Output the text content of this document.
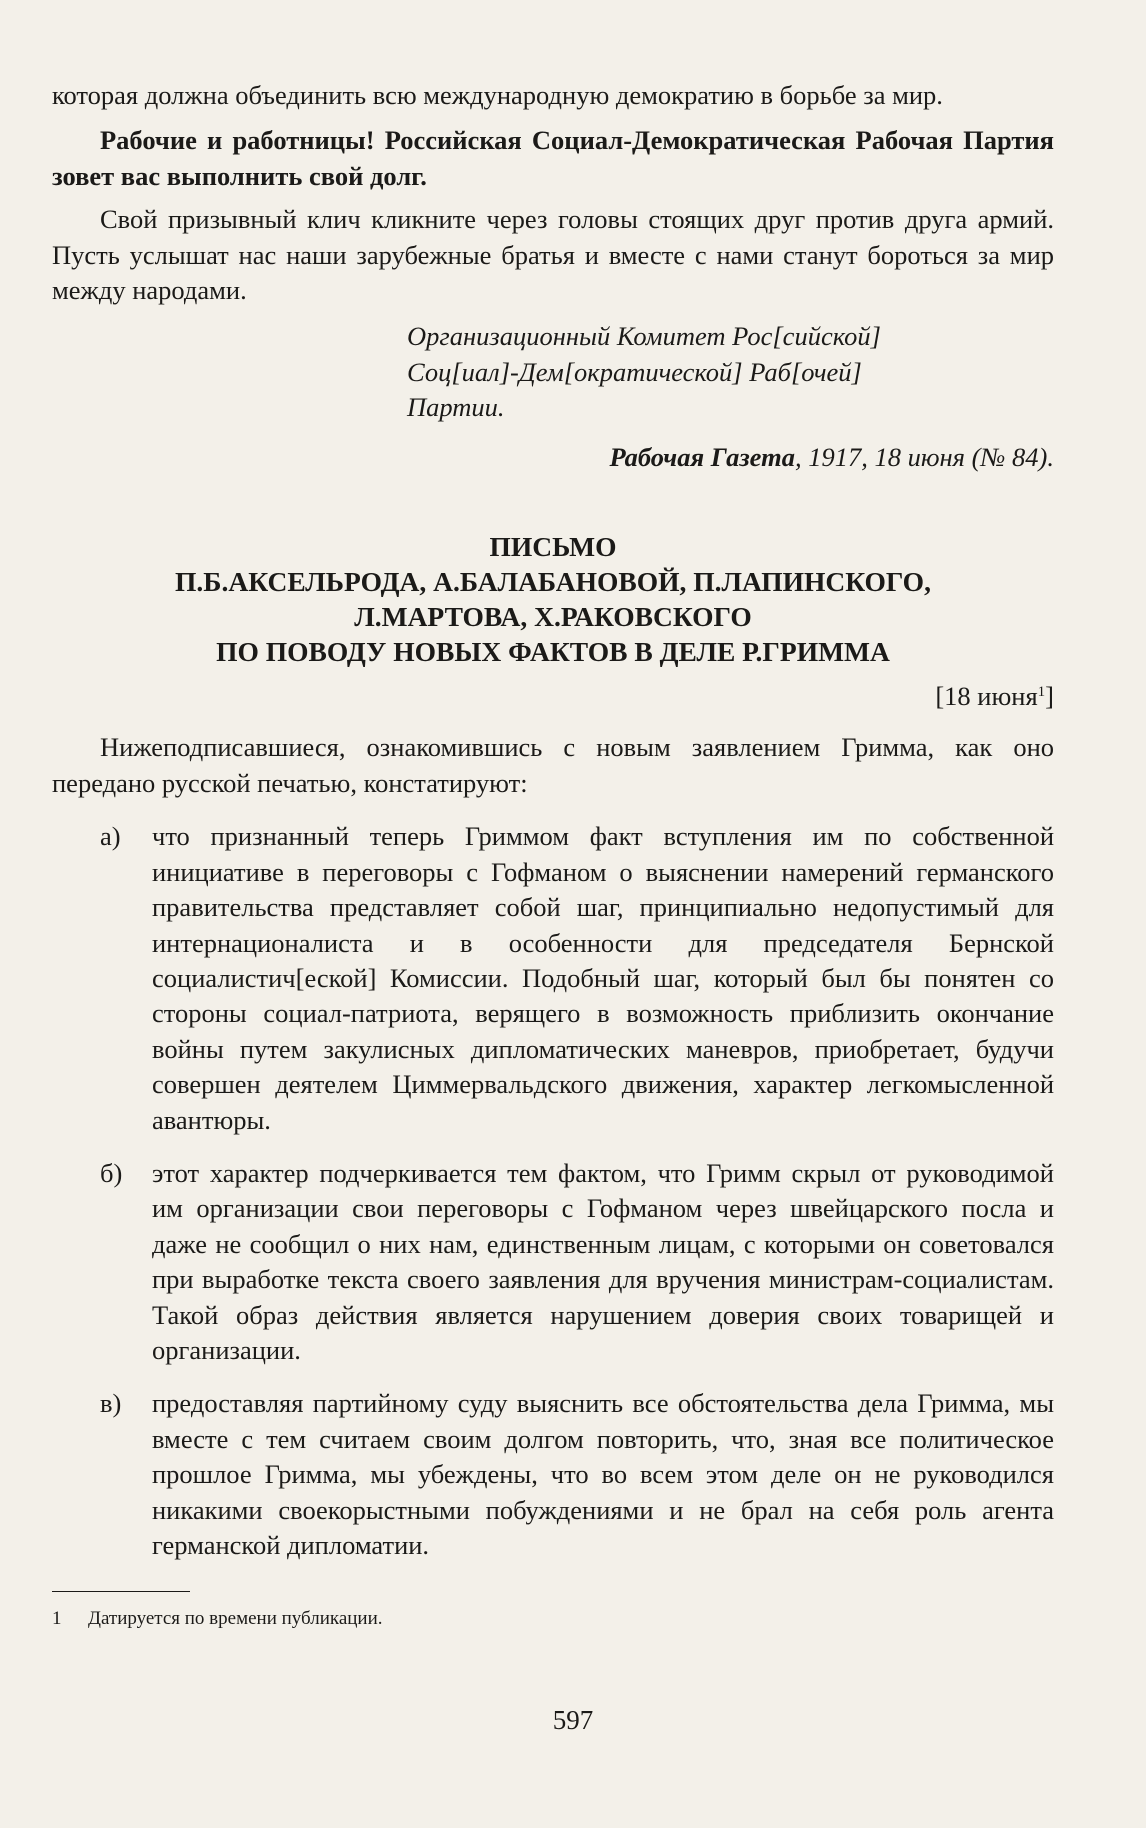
которая должна объединить всю международную демократию в борьбе за мир.

Рабочие и работницы! Российская Социал-Демократическая Рабочая Партия зовет вас выполнить свой долг.

Свой призывный клич кликните через головы стоящих друг против друга армий. Пусть услышат нас наши зарубежные братья и вместе с нами станут бороться за мир между народами.

Организационный Комитет Рос[сийской]

Соц[иал]-Дем[ократической] Раб[очей]

Партии.

Рабочая Газета, 1917, 18 июня (№ 84).

ПИСЬМО
П.Б.АКСЕЛЬРОДА, А.БАЛАБАНОВОЙ, П.ЛАПИНСКОГО,
Л.МАРТОВА, Х.РАКОВСКОГО
ПО ПОВОДУ НОВЫХ ФАКТОВ В ДЕЛЕ Р.ГРИММА

[18 июня$^1$]

Нижеподписавшиеся, ознакомившись с новым заявлением Гримма, как оно передано русской печатью, констатируют:

а)	что признанный теперь Гриммом факт вступления им по собственной инициативе в переговоры с Гофманом о выяснении намерений германского правительства представляет собой шаг, принципиально недопустимый для интернационалиста и в особенности для председателя Бернской социалистич[еской] Комиссии. Подобный шаг, который был бы понятен со стороны социал-патриота, верящего в возможность приблизить окончание войны путем закулисных дипломатических маневров, приобретает, будучи совершен деятелем Циммервальдского движения, характер легкомысленной авантюры.

б)	этот характер подчеркивается тем фактом, что Гримм скрыл от руководимой им организации свои переговоры с Гофманом через швейцарского посла и даже не сообщил о них нам, единственным лицам, с которыми он советовался при выработке текста своего заявления для вручения министрам-социалистам. Такой образ действия является нарушением доверия своих товарищей и организации.

в)	предоставляя партийному суду выяснить все обстоятельства дела Гримма, мы вместе с тем считаем своим долгом повторить, что, зная все политическое прошлое Гримма, мы убеждены, что во всем этом деле он не руководился никакими своекорыстными побуждениями и не брал на себя роль агента германской дипломатии.

1 Датируется по времени публикации.

597
